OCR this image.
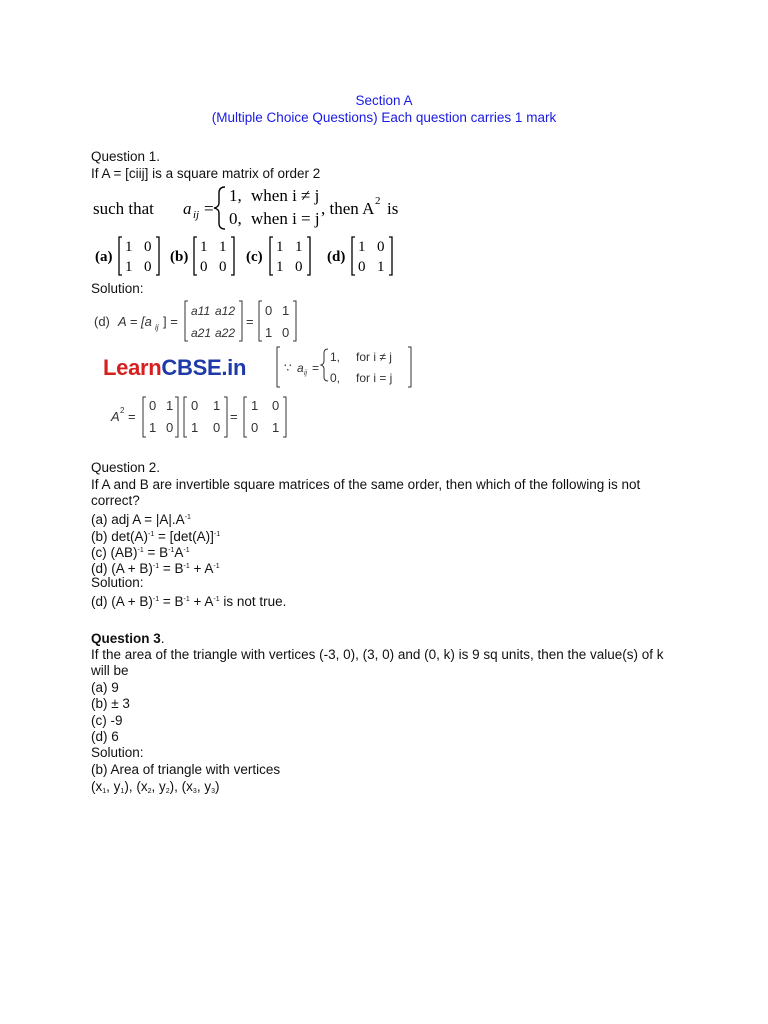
Section A
(Multiple Choice Questions) Each question carries 1 mark
Question 1.
If A = [ciij] is a square matrix of order 2
such that a ij =
1, when i ≠ j
0, when i = j
, then A 2 is
(a)
1 0
1 0
(b)
1 1
0 0
(c)
1 1
1 0
(d)
1 0
0 1
Solution:
(d) A = [a ij ] =
a11 a12
a21 a22
=
0 1
1 0
LearnCBSE.in	∵ a ij =
1, for i ≠ j
0, for i = j
A 2 =
0 1
1 0
0 1
1 0
=
1 0
0 1
Question 2.
If A and B are invertible square matrices of the same order, then which of the following is not correct?
(a) adj $A = |A|.A^{-1}$
(b) $\det(A)^{-1} = [\det(A)]^{-1}$
(c) $(AB)^{-1} = B^{-1}A^{-1}$
(d) $(A + B)^{-1} = B^{-1} + A^{-1}$
Solution:
(d) $(A + B)^{-1} = B^{-1} + A^{-1}$ is not true.
Question 3.
If the area of the triangle with vertices (-3, 0), (3, 0) and (0, k) is 9 sq units, then the value(s) of k will be
(a) 9
(b) ± 3
(c) -9
(d) 6
Solution:
(b) Area of triangle with vertices
($x_1$, $y_1$), ($x_2$, $y_2$), ($x_3$, $y_3$)
